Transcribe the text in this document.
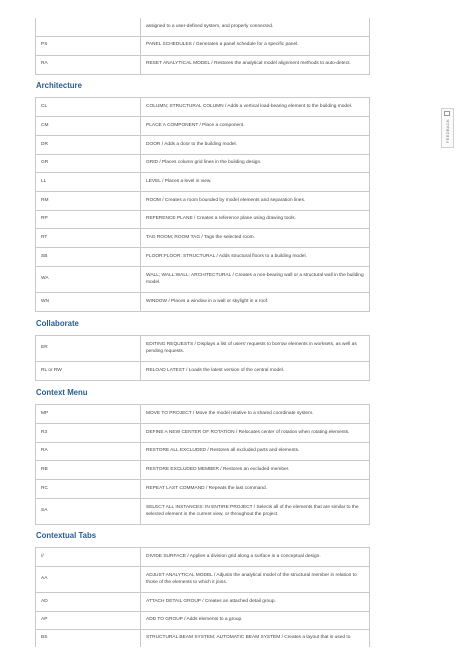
FEEDBACK
	assigned to a user-defined system, and properly connected.
PS	PANEL SCHEDULES / Generates a panel schedule for a specific panel.
RA	RESET ANALYTICAL MODEL / Restores the analytical model alignment methods to auto-detect.
Architecture
CL	COLUMN; STRUCTURAL COLUMN / Adds a vertical load-bearing element to the building model.
CM	PLACE A COMPONENT / Place a component.
DR	DOOR / Adds a door to the building model.
GR	GRID / Places column grid lines in the building design.
LL	LEVEL / Places a level in view.
RM	ROOM / Creates a room bounded by model elements and separation lines.
RP	REFERENCE PLANE / Creates a reference plane using drawing tools.
RT	TAG ROOM; ROOM TAG / Tags the selected room.
SB	FLOOR:FLOOR: STRUCTURAL / Adds structural floors to a building model.
WA	WALL; WALL:WALL: ARCHITECTURAL / Creates a non-bearing wall or a structural wall in the building model.
WN	WINDOW / Places a window in a wall or skylight in a roof.
Collaborate
ER	EDITING REQUESTS / Displays a list of users' requests to borrow elements in worksets, as well as pending requests.
RL or RW	RELOAD LATEST / Loads the latest version of the central model.
Context Menu
MP	MOVE TO PROJECT / Move the model relative to a shared coordinate system.
R3	DEFINE A NEW CENTER OF ROTATION / Relocates center of rotation when rotating elements.
RA	RESTORE ALL EXCLUDED / Restores all excluded parts and elements.
RB	RESTORE EXCLUDED MEMBER / Restores an excluded member.
RC	REPEAT LAST COMMAND / Repeats the last command.
SA	SELECT ALL INSTANCES: IN ENTIRE PROJECT / Selects all of the elements that are similar to the selected element in the current view, or throughout the project.
Contextual Tabs
//	DIVIDE SURFACE / Applies a division grid along a surface in a conceptual design.
AA	ADJUST ANALYTICAL MODEL / Adjusts the analytical model of the structural member in relation to those of the elements to which it joins.
AD	ATTACH DETAIL GROUP / Creates an attached detail group.
AP	ADD TO GROUP / Adds elements to a group.
BS	STRUCTURAL BEAM SYSTEM; AUTOMATIC BEAM SYSTEM / Creates a layout that is used to
